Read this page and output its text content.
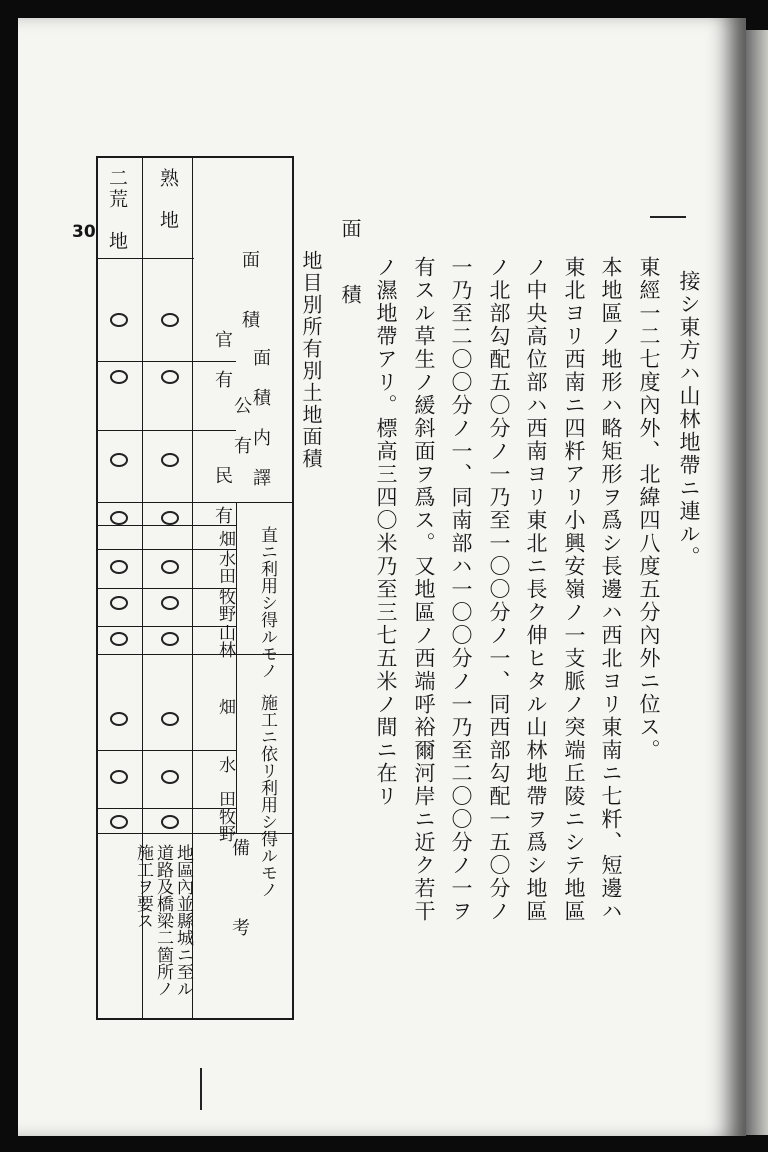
接シ東方ハ山林地帶ニ連ル。
東經一二七度內外、北緯四八度五分內外ニ位ス。
本地區ノ地形ハ略矩形ヲ爲シ長邊ハ西北ヨリ東南ニ七粁、短邊ハ
東北ヨリ西南ニ四粁アリ小興安嶺ノ一支脈ノ突端丘陵ニシテ地區
ノ中央高位部ハ西南ヨリ東北ニ長ク伸ヒタル山林地帶ヲ爲シ地區
ノ北部勾配五〇分ノ一乃至一〇〇分ノ一、同西部勾配一五〇分ノ
一乃至二〇〇分ノ一、同南部ハ一〇〇分ノ一乃至二〇〇分ノ一ヲ
有スル草生ノ緩斜面ヲ爲ス。又地區ノ西端呼裕爾河岸ニ近ク若干
ノ濕地帶アリ。標高三四〇米乃至三七五米ノ間ニ在リ
面　　積
地目別所有別土地面積
30
熟　地
二荒　地
面　　積
面　積　内　譯
官　有
公　有
民　有
直ニ利用シ得ルモノ
施工ニ依リ利用シ得ルモノ
備　　　考
畑
水田
牧野
山林
畑
水　田
牧野
地區內並縣城ニ至ル
道路及橋梁二箇所ノ
施工ヲ要ス
